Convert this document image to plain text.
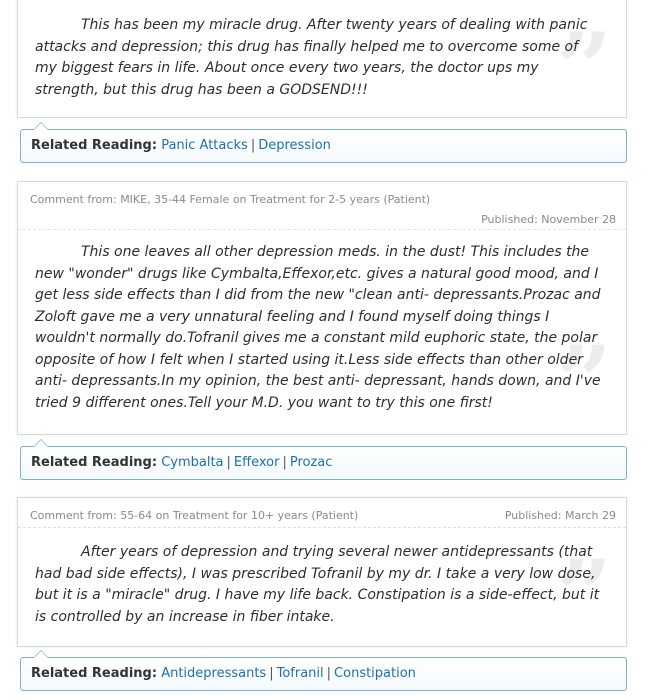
This has been my miracle drug. After twenty years of dealing with panic attacks and depression; this drug has finally helped me to overcome some of my biggest fears in life. About once every two years, the doctor ups my strength, but this drug has been a GODSEND!!!	”
Related Reading: Panic Attacks | Depression
Comment from: MIKE, 35-44 Female on Treatment for 2-5 years (Patient)
Published: November 28
This one leaves all other depression meds. in the dust! This includes the new "wonder" drugs like Cymbalta,Effexor,etc. gives a natural good mood, and I get less side effects than I did from the new "clean anti- depressants.Prozac and Zoloft gave me a very unnatural feeling and I found myself doing things I wouldn't normally do.Tofranil gives me a constant mild euphoric state, the polar opposite of how I felt when I started using it.Less side effects than other older anti- depressants.In my opinion, the best anti- depressant, hands down, and I've tried 9 different ones.Tell your M.D. you want to try this one first! ”
Related Reading: Cymbalta | Effexor | Prozac
Comment from: 55-64 on Treatment for 10+ years (Patient)	Published: March 29
After years of depression and trying several newer antidepressants (that had bad side effects), I was prescribed Tofranil by my dr. I take a very low dose, but it is a "miracle" drug. I have my life back. Constipation is a side-effect, but it is controlled by an increase in fiber intake.	”
Related Reading: Antidepressants | Tofranil | Constipation
